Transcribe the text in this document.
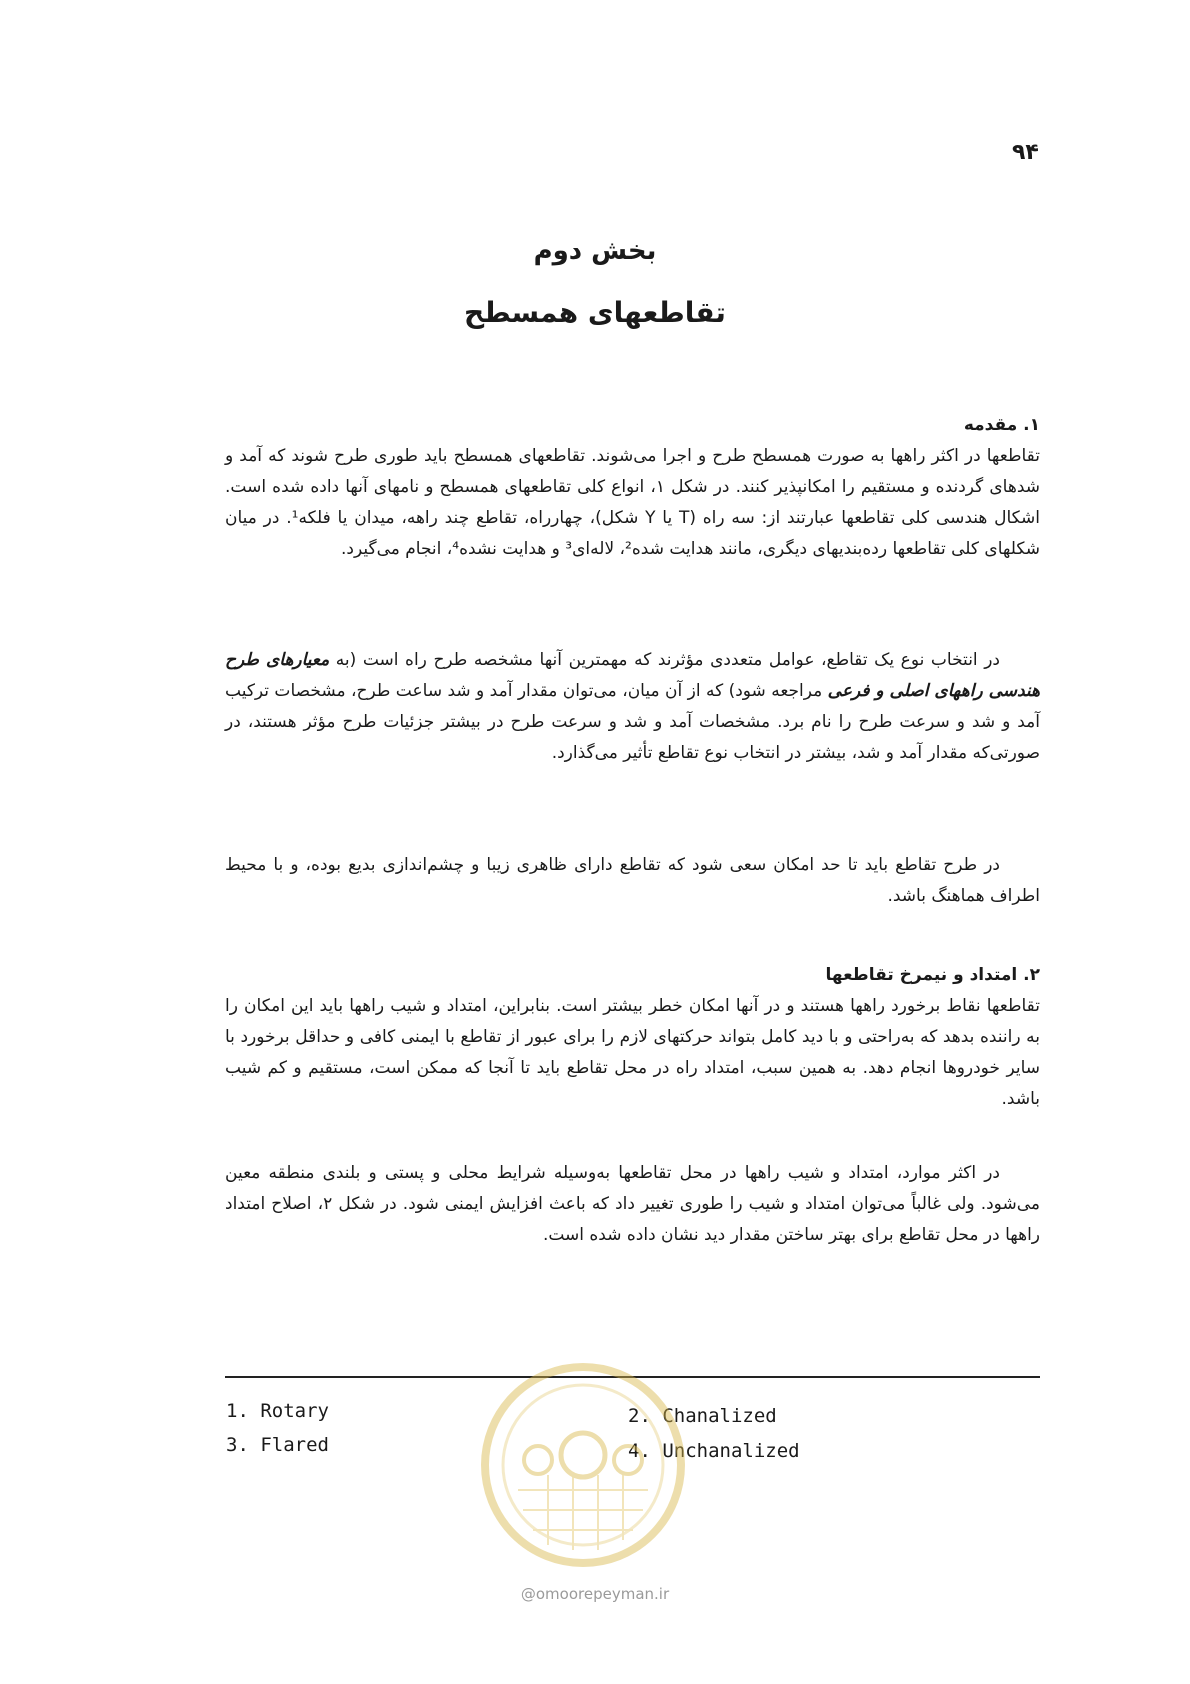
۹۴
بخش دوم
تقاطعهای همسطح
۱. مقدمه
تقاطعها در اکثر راهها به صورت همسطح طرح و اجرا می‌شوند. تقاطعهای همسطح باید طوری طرح شوند که آمد و شدهای گردنده و مستقیم را امکانپذیر کنند. در شکل ۱، انواع کلی تقاطعهای همسطح و نامهای آنها داده شده است. اشکال هندسی کلی تقاطعها عبارتند از: سه راه (T یا Y شکل)، چهارراه، تقاطع چند راهه، میدان یا فلکه¹. در میان شکلهای کلی تقاطعها رده‌بندیهای دیگری، مانند هدایت شده²، لاله‌ای³ و هدایت نشده⁴، انجام می‌گیرد.

در انتخاب نوع یک تقاطع، عوامل متعددی مؤثرند که مهمترین آنها مشخصه طرح راه است (به معیارهای طرح هندسی راههای اصلی و فرعی مراجعه شود) که از آن میان، می‌توان مقدار آمد و شد ساعت طرح، مشخصات ترکیب آمد و شد و سرعت طرح را نام برد. مشخصات آمد و شد و سرعت طرح در بیشتر جزئیات طرح مؤثر هستند، در صورتی‌که مقدار آمد و شد، بیشتر در انتخاب نوع تقاطع تأثیر می‌گذارد.

در طرح تقاطع باید تا حد امکان سعی شود که تقاطع دارای ظاهری زیبا و چشم‌اندازی بدیع بوده، و با محیط اطراف هماهنگ باشد.

۲. امتداد و نیمرخ تقاطعها
تقاطعها نقاط برخورد راهها هستند و در آنها امکان خطر بیشتر است. بنابراین، امتداد و شیب راهها باید این امکان را به راننده بدهد که به‌راحتی و با دید کامل بتواند حرکتهای لازم را برای عبور از تقاطع با ایمنی کافی و حداقل برخورد با سایر خودروها انجام دهد. به همین سبب، امتداد راه در محل تقاطع باید تا آنجا که ممکن است، مستقیم و کم شیب باشد.

در اکثر موارد، امتداد و شیب راهها در محل تقاطعها به‌وسیله شرایط محلی و پستی و بلندی منطقه معین می‌شود. ولی غالباً می‌توان امتداد و شیب را طوری تغییر داد که باعث افزایش ایمنی شود. در شکل ۲، اصلاح امتداد راهها در محل تقاطع برای بهتر ساختن مقدار دید نشان داده شده است.

1. Rotary	2. Chanalized
3. Flared	4. Unchanalized
@omoorepeyman.ir
